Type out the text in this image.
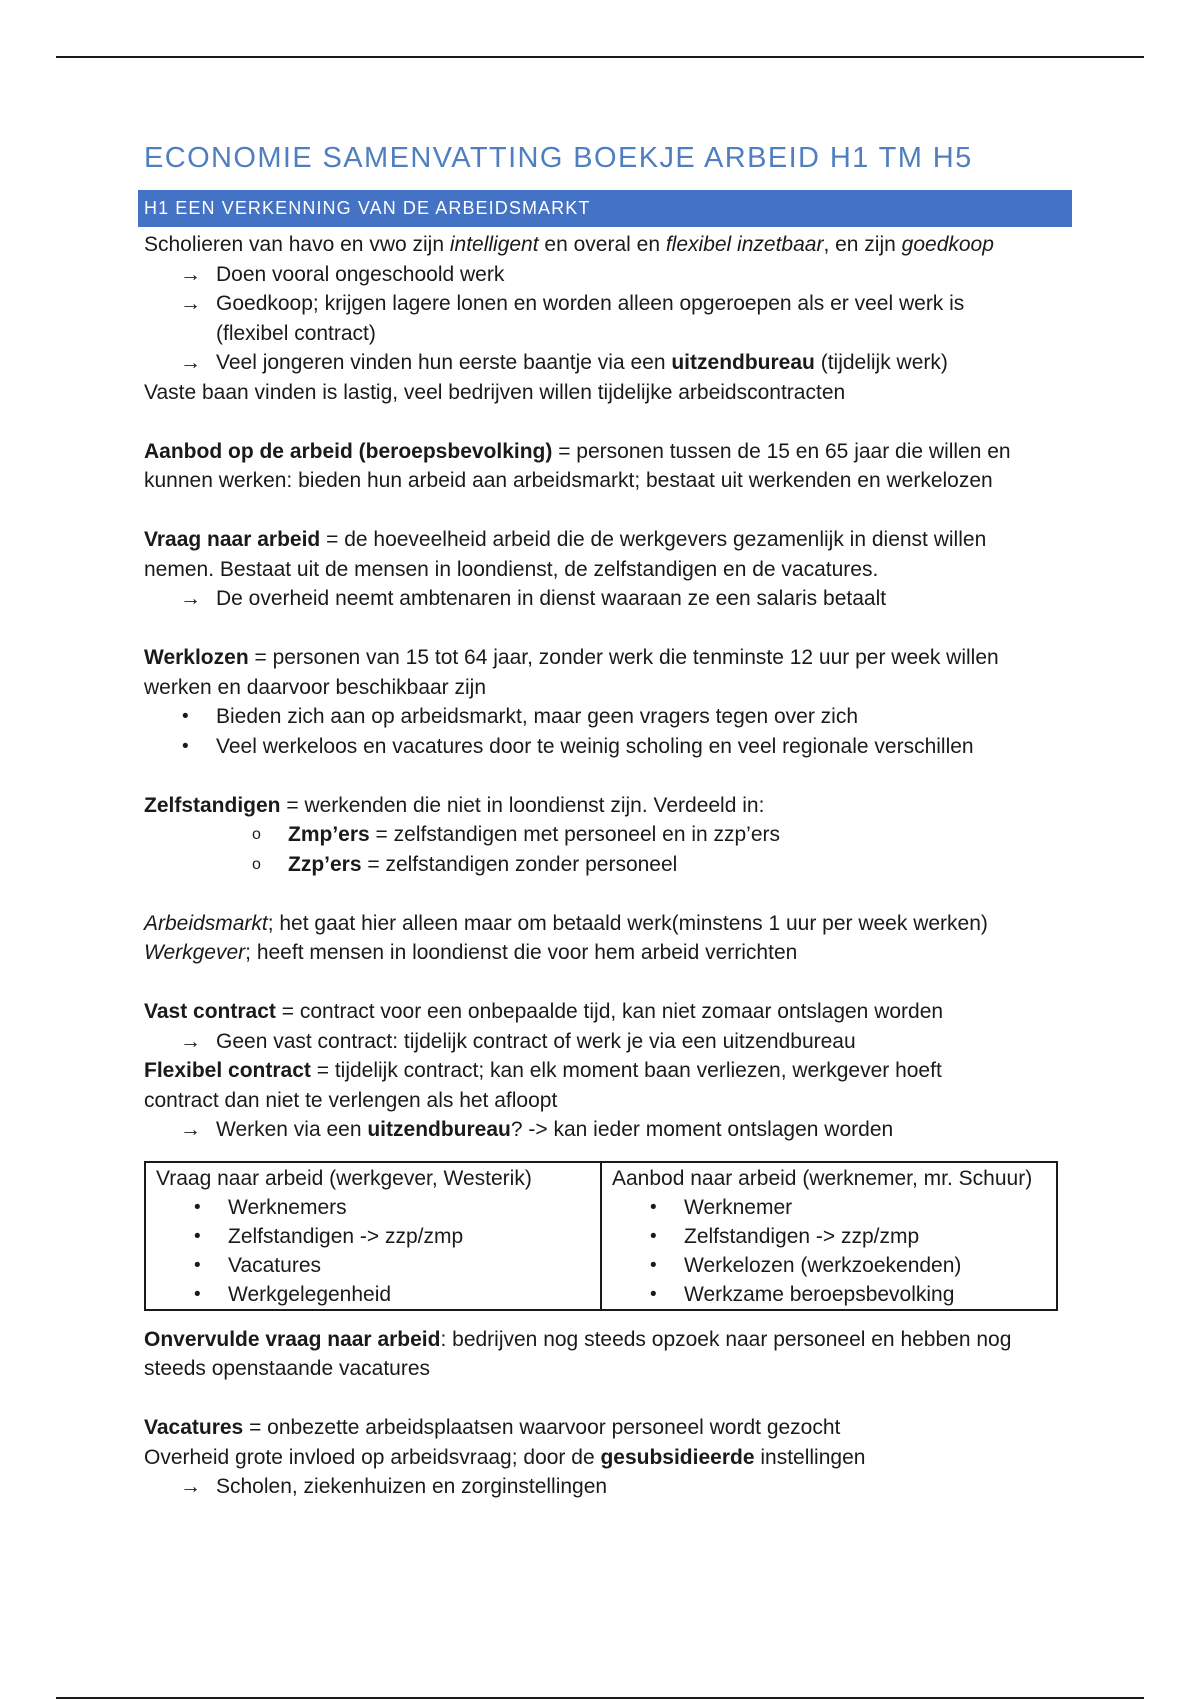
ECONOMIE SAMENVATTING BOEKJE ARBEID H1 TM H5
H1 EEN VERKENNING VAN DE ARBEIDSMARKT
Scholieren van havo en vwo zijn intelligent en overal en flexibel inzetbaar, en zijn goedkoop
→ Doen vooral ongeschoold werk
→ Goedkoop; krijgen lagere lonen en worden alleen opgeroepen als er veel werk is
(flexibel contract)
→ Veel jongeren vinden hun eerste baantje via een uitzendbureau (tijdelijk werk)
Vaste baan vinden is lastig, veel bedrijven willen tijdelijke arbeidscontracten
Aanbod op de arbeid (beroepsbevolking) = personen tussen de 15 en 65 jaar die willen en
kunnen werken: bieden hun arbeid aan arbeidsmarkt; bestaat uit werkenden en werkelozen
Vraag naar arbeid = de hoeveelheid arbeid die de werkgevers gezamenlijk in dienst willen
nemen. Bestaat uit de mensen in loondienst, de zelfstandigen en de vacatures.
→ De overheid neemt ambtenaren in dienst waaraan ze een salaris betaalt
Werklozen = personen van 15 tot 64 jaar, zonder werk die tenminste 12 uur per week willen
werken en daarvoor beschikbaar zijn
• Bieden zich aan op arbeidsmarkt, maar geen vragers tegen over zich
• Veel werkeloos en vacatures door te weinig scholing en veel regionale verschillen
Zelfstandigen = werkenden die niet in loondienst zijn. Verdeeld in:
o Zmp’ers = zelfstandigen met personeel en in zzp’ers
o Zzp’ers = zelfstandigen zonder personeel
Arbeidsmarkt; het gaat hier alleen maar om betaald werk(minstens 1 uur per week werken)
Werkgever; heeft mensen in loondienst die voor hem arbeid verrichten
Vast contract = contract voor een onbepaalde tijd, kan niet zomaar ontslagen worden
→ Geen vast contract: tijdelijk contract of werk je via een uitzendbureau
Flexibel contract = tijdelijk contract; kan elk moment baan verliezen, werkgever hoeft
contract dan niet te verlengen als het afloopt
→ Werken via een uitzendbureau? -> kan ieder moment ontslagen worden
Vraag naar arbeid (werkgever, Westerik)
• Werknemers
• Zelfstandigen -> zzp/zmp
• Vacatures
• Werkgelegenheid

Aanbod naar arbeid (werknemer, mr. Schuur)
• Werknemer
• Zelfstandigen -> zzp/zmp
• Werkelozen (werkzoekenden)
• Werkzame beroepsbevolking
Onvervulde vraag naar arbeid: bedrijven nog steeds opzoek naar personeel en hebben nog
steeds openstaande vacatures
Vacatures = onbezette arbeidsplaatsen waarvoor personeel wordt gezocht
Overheid grote invloed op arbeidsvraag; door de gesubsidieerde instellingen
→ Scholen, ziekenhuizen en zorginstellingen
